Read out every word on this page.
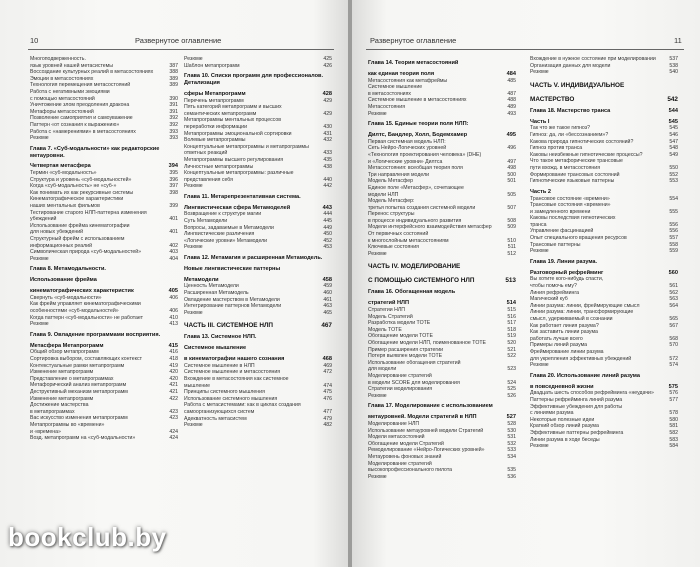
10	Развернутое оглавление
Многоподверженность.
387
язык уровней нашей метасистемы
388
Воссоздание культурных реалий в метасостояниях
389
Эмоции в метасостояниях
389
Технология перемещения метасостояний
Работа с негативными эмоциями
390
с помощью метасостояний
391
Уничтожение злом преодоления дракона
391
Метафоры метасостояний
392
Позволение самоприятия и самоуважение
392
Паттерн «от сознания к выражению»
393
Работа с «намерениями» в метасостояниях
393
Резюме
Глава 7. «Суб-модальности» как редакторские метауровни.
394
Четвертая метасфера
395
Термин «суб-модальность»
396
Структура и уровень «суб-модальностей»
397
Когда «суб-модальность» не «суб-»
398
Как понимать их как рекурсивные системы
Кинематографическое характеристики
399
наших ментальных фильмов
Тестирование старого НЛП-паттерна изменения
401
убеждений
Использование фрейма кинематографии
401
для новых убеждений
Структурный фрейм с использованием
402
информационных реалий
403
Символическая природа «суб-модальностей»
404
Резюме
Глава 8. Метамодальности.
Использование фрейма
405
кинематографических характеристик
406
Свернуть «суб-модальности»
Как фрейм управляет кинематографическими
406
особенностями «суб-модальностей»
410
Когда паттерн «суб-модальности» не работает
413
Резюме
Глава 9. Овладение программами восприятия.
415
Метасфера Метапрограмм
416
Общий обзор метапрограмм
418
Сортировка выбором, составляющих контекст
419
Контекстуальные рамки метапрограмм
420
Изменение метапрограмм
420
Представление о метапрограммах
421
Метафорический анализ метапрограмм
421
Деструктивный механизм метапрограмм
422
Изменение метапрограмм
Достижение мастерства
423
в метапрограммах
423
Вас искусство изменения метапрограмм
Метапрограммы во «времени»
424
и «времена»
424
Возд. метапрограмм на «суб-модальности»
425
Резюме
426
Шаблон метапрограмм
Глава 10. Списки программ для профессионалов. Детализация
428
сферы Метапрограмм
429
Перечень метапрограмм
Пять категорий метапрограмм и высших
429
семантических метапрограмм
Метапрограммы ментальных процессов
430
переработки информации
431
Метапрограммы эмоциональной сортировки
432
Волевые метапрограммы
Концептуальные метапрограммы и метапрограммы
433
ответных реакций
435
Метапрограммы высшего регулирования
438
Личностные метапрограммы
Концептуальные метапрограммы: различные
440
представления себя
442
Резюме
Глава 11. Метарепрезентативная система.
443
Лингвистическая сфера Метамоделей
444
Возвращение к структуре магии
445
Суть Метамодели
449
Вопросы, задаваемые в Метамодели
450
Лингвистические различения
452
«Логические уровни» Метамодели
453
Резюме
Глава 12. Метамагия и расширенная Метамодель.
Новые лингвистические паттерны
458
Метамодели
459
Ценность Метамодели
460
Расширенная Метамодель
461
Овладение мастерством в Метамодели
463
Интегрирование паттернов Метамодели
465
Резюме
467
ЧАСТЬ III. СИСТЕМНОЕ НЛП
Глава 13. Системное НЛП.
Системное мышление
468
в кинематографии нашего сознания
469
Системное мышление в НЛП
472
Системное мышление и метасостояния
Вхождение в метасостояния как системное
474
мышление
475
Принципы системного мышления
476
Использование системного мышления
Работа с метасистемами: как в циклах создания
477
самоорганизующихся систем
479
Адекватность метасистем
482
Резюме
Развернутое оглавление	11
Глава 14. Теория метасостояний
484
как единая теория поля
485
Метасостояния как метафреймы
Системное мышление
487
в метасостояниях
488
Системное мышление в метасостояниях
489
Метасостояния
493
Резюме
Глава 15. Единые теории поля НЛП:
495
Дилтс, Бандлер, Холл, Бодемхамер
Первая системная модель НЛП:
496
Сеть Нейро-Логических уровней
«Технология проектирования человека» (DHE)
497
и «Логические уровни» Дилтса
498
Метасостояния: всеобщая теория поля
500
Три направления модели
501
Модель Метасфер
Единое поле «Метасфер», сочетающее
505
модели НЛП
Модель Метасфер:
507
третья попытка создания системной модели
Перенос структуры
508
в процессе индивидуального развития
509
Модели интерфейсного взаимодействия метасфер
От первичных состояний
510
к многослойным метасостояниям
511
Ключевые состояния
512
Резюме
ЧАСТЬ IV. МОДЕЛИРОВАНИЕ
513
С ПОМОЩЬЮ СИСТЕМНОГО НЛП
Глава 16. Обогащенная модель
514
стратегий НЛП
515
Стратегии НЛП
516
Модель Стратегий
517
Разработка модели TOTE
518
Модель TOTE
519
Обогащение модели TOTE
520
Обогащение модели НЛП, поименованное TOTE
521
Пример расширения стратегии
522
Потеря выявлен модели TOTE
Использование обогащения стратегий
523
для модели
Моделирование стратегий
524
в модели SCORE для моделирования
525
Стратегии моделирования
526
Резюме
Глава 17. Моделирование с использованием
527
метауровней. Модели стратегий в НЛП
528
Моделирование НЛП
530
Использование метауровней модели Стратегий
531
Модели метасостояний
532
Обогащение модели Стратегий
533
Ремоделирование «Нейро-Логических уровней»
534
Метауровень фоновых знаний
Моделирование стратегий
535
высокопрофессионального пилота
536
Резюме
537
Вхождение в нужное состояние при моделировании
538
Организация данных для модели
540
Резюме
ЧАСТЬ V. ИНДИВИДУАЛЬНОЕ
542
МАСТЕРСТВО
544
Глава 18. Мастерство транса
545
Часть I
545
Так что же такое гипноз?
546
Гипноз: да, ли «бессознанием»?
547
Какова природа гипнотических состояний?
548
Гипноз против транса
549
Каковы неизбежные гипнотические процессы?
Что такое метафорические трансовые
550
пути вхожд. в метасостояния
552
Формирование трансовых состояний
553
Гипнотические языковые паттерны
Часть 2
554
Трансовое состояние «времени»
Трансовые состояния «времени»
555
и замедленного времени
Каковы последствия гипнотических
556
транса
556
Управление фасцинацией
557
Опыт специального вращения ресурсов
558
Трансовые паттерны
559
Резюме
Глава 19. Линии разума.
560
Разговорный рефрейминг
Вы хотите кого-нибудь спасти,
561
чтобы помочь ему?
562
Линия рефрейминга
563
Магический куб
564
Линии разума: линии, фреймирующие смысл
Линии разума: линии, трансформирующие
565
смысл, удерживаемый в сознании
567
Как работает линия разума?
Как заставить линии разума
568
работать лучше всего
570
Примеры линий разума
Фреймирование линии разума
572
для укрепления эффективных убеждений
574
Резюме
Глава 20. Использование линий разума
575
в повседневной жизни
576
Двадцать шесть способов рефрейминга «неудачи»
577
Паттерны рефрейминга линий разума
Эффективные убеждения для работы
578
с линиями разума
580
Некоторые полезные идеи
581
Краткий обзор линий разума
582
Эффективные паттерны рефрейминга
583
Линии разума в ходе беседы
584
Резюме
bookclub.by
